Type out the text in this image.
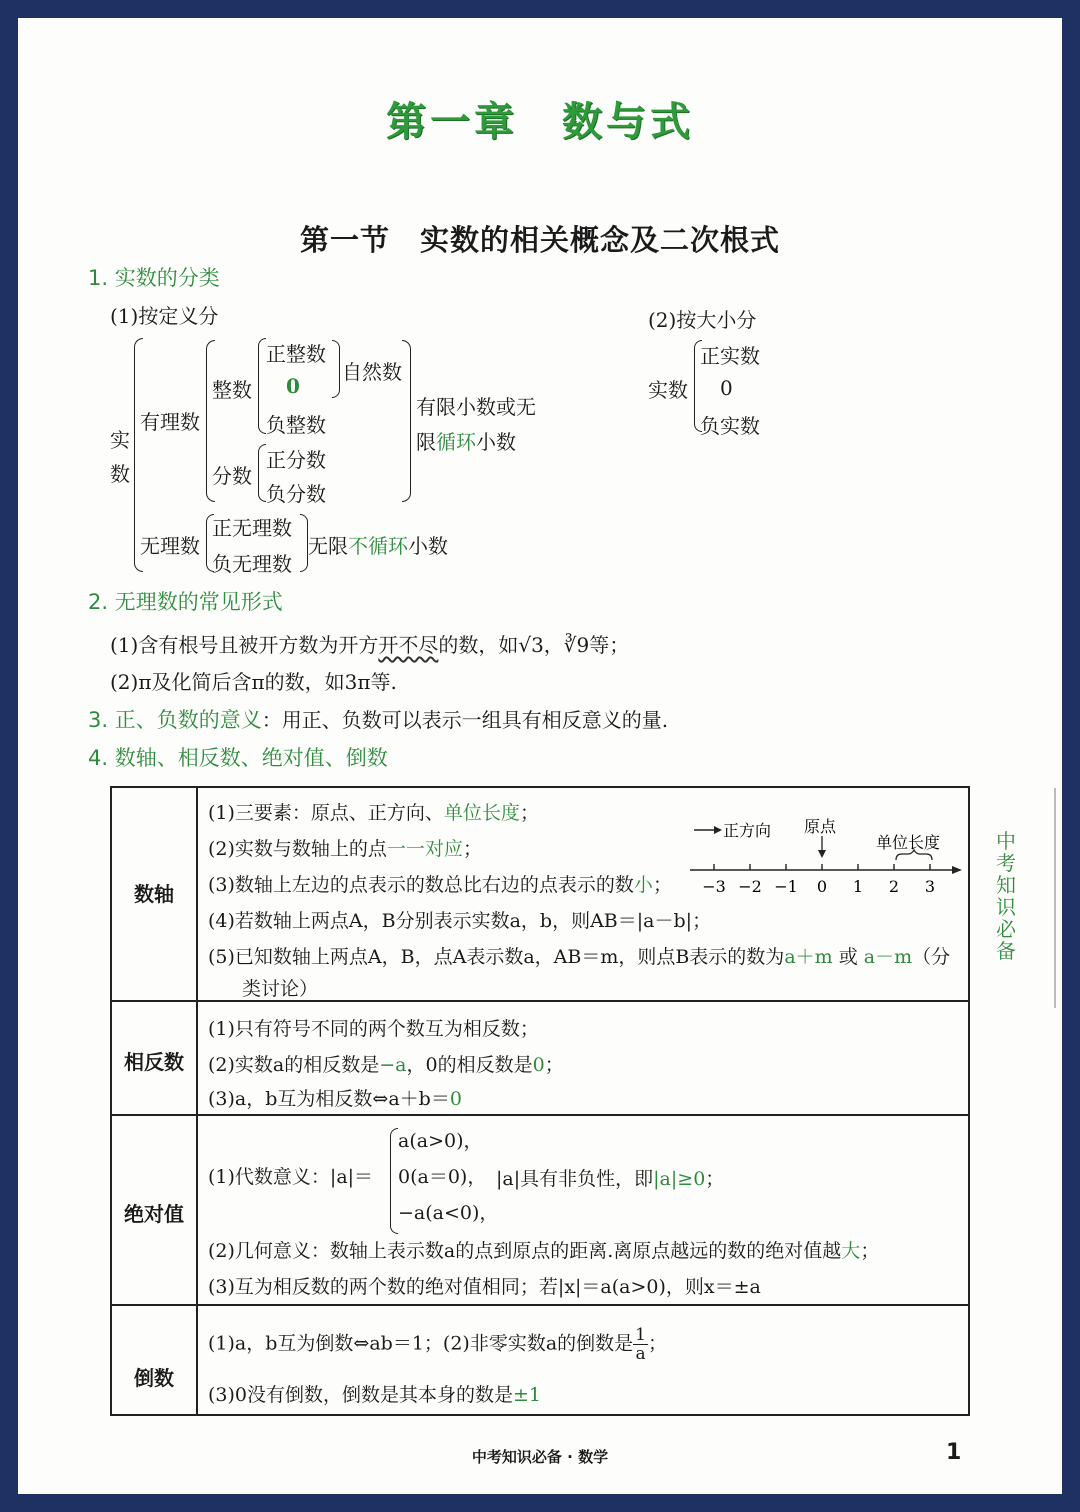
第一章　数与式
第一节　实数的相关概念及二次根式
1. 实数的分类
(1)按定义分	(2)按大小分
实
数
有理数
整数
正整数
0
负整数
自然数
分数
正分数
负分数
有限小数或无
限循环小数
无理数
正无理数
负无理数
无限不循环小数
实数
正实数
0
负实数
2. 无理数的常见形式
(1)含有根号且被开方数为开方开不尽的数，如√3，∛9等；
(2)π及化简后含π的数，如3π等.
3. 正、负数的意义：用正、负数可以表示一组具有相反意义的量.
4. 数轴、相反数、绝对值、倒数
数轴
(1)三要素：原点、正方向、单位长度；
(2)实数与数轴上的点一一对应；
(3)数轴上左边的点表示的数总比右边的点表示的数小；
(4)若数轴上两点A，B分别表示实数a，b，则AB＝|a－b|；
(5)已知数轴上两点A，B，点A表示数a，AB＝m，则点B表示的数为a＋m 或 a－m（分
类讨论）
正方向 原点
单位长度
−3 −2 −1 0 1 2 3
相反数
(1)只有符号不同的两个数互为相反数；
(2)实数a的相反数是−a，0的相反数是0；
(3)a，b互为相反数⇔a＋b＝0
绝对值
(1)代数意义：|a|＝
a(a>0)，
0(a＝0)，
−a(a<0)，
|a|具有非负性，即|a|≥0；
(2)几何意义：数轴上表示数a的点到原点的距离.离原点越远的数的绝对值越大；
(3)互为相反数的两个数的绝对值相同；若|x|＝a(a>0)，则x＝±a
倒数
(1)a，b互为倒数⇔ab＝1；(2)非零实数a的倒数是 $\frac{1}{a}$ ；
(3)0没有倒数，倒数是其本身的数是±1
中
考
知
识
必
备
中考知识必备 · 数学	1
